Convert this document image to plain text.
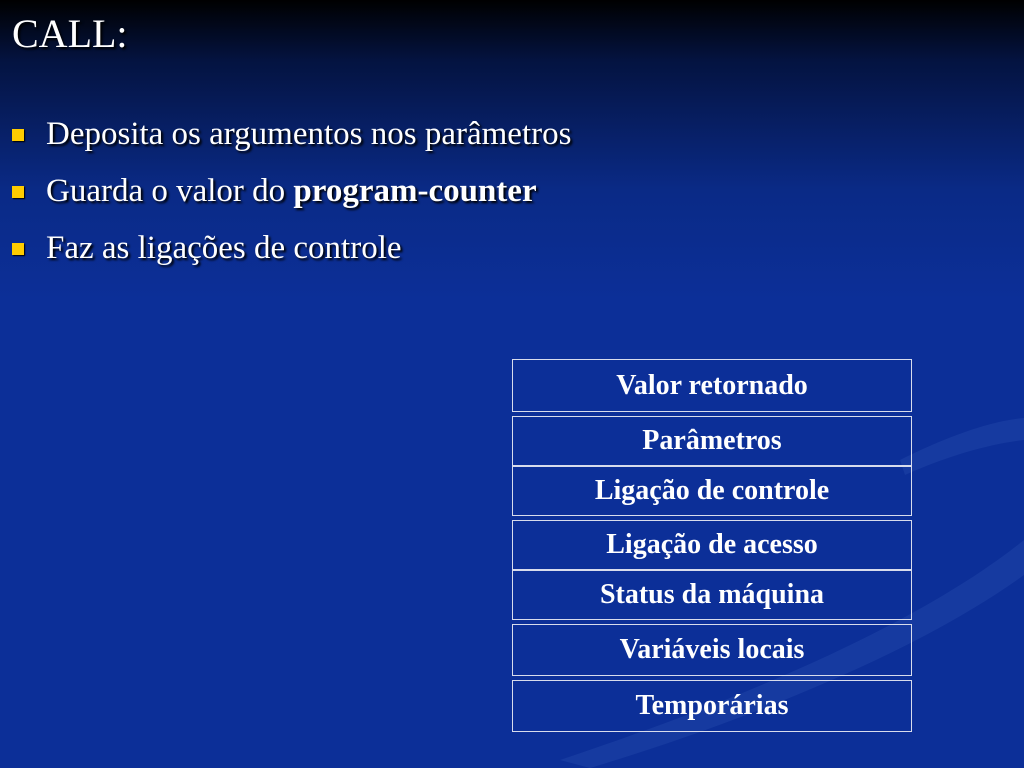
CALL:
Deposita os argumentos nos parâmetros
Guarda o valor do program-counter
Faz as ligações de controle
Valor retornado
Parâmetros
Ligação de controle
Ligação de acesso
Status da máquina
Variáveis locais
Temporárias
